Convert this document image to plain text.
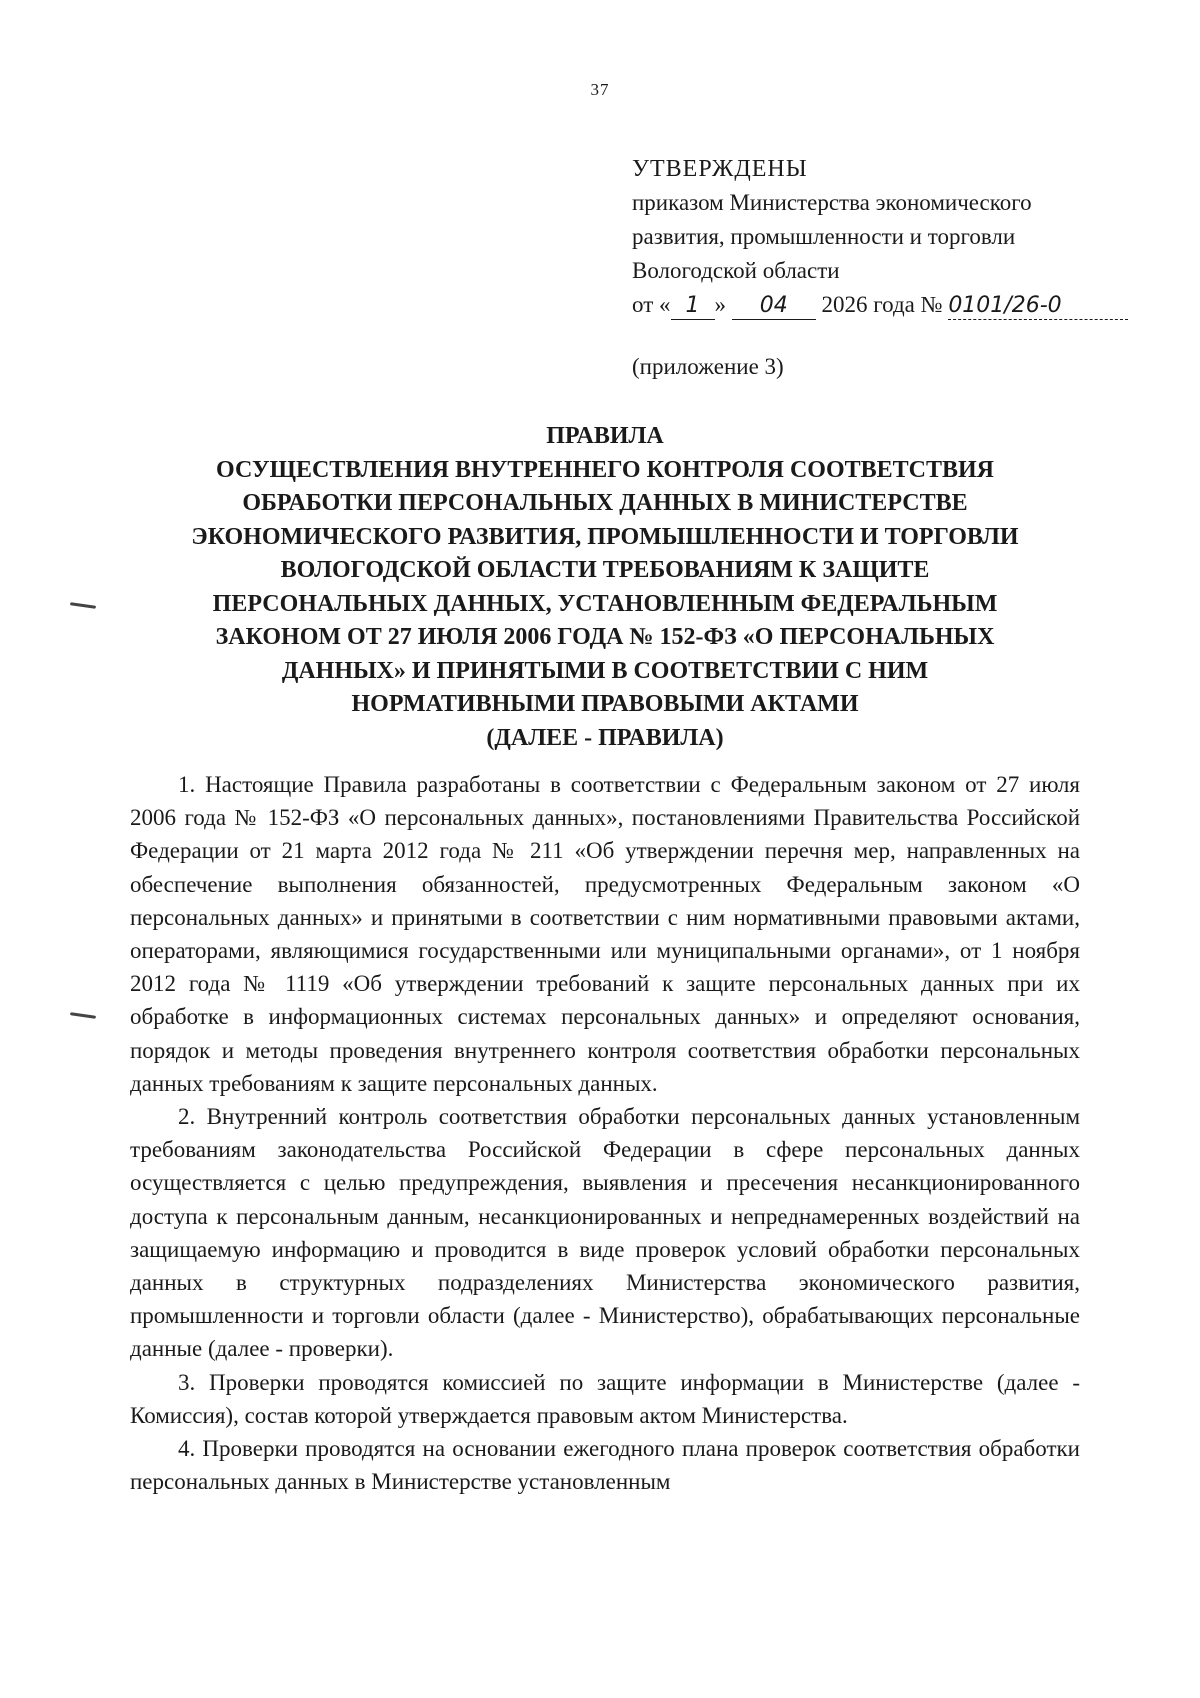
37
УТВЕРЖДЕНЫ
приказом Министерства экономического
развития, промышленности и торговли
Вологодской области
от « 1 » 04 2026 года № 0101/26-0
(приложение 3)
ПРАВИЛА
ОСУЩЕСТВЛЕНИЯ ВНУТРЕННЕГО КОНТРОЛЯ СООТВЕТСТВИЯ
ОБРАБОТКИ ПЕРСОНАЛЬНЫХ ДАННЫХ В МИНИСТЕРСТВЕ
ЭКОНОМИЧЕСКОГО РАЗВИТИЯ, ПРОМЫШЛЕННОСТИ И ТОРГОВЛИ
ВОЛОГОДСКОЙ ОБЛАСТИ ТРЕБОВАНИЯМ К ЗАЩИТЕ
ПЕРСОНАЛЬНЫХ ДАННЫХ, УСТАНОВЛЕННЫМ ФЕДЕРАЛЬНЫМ
ЗАКОНОМ ОТ 27 ИЮЛЯ 2006 ГОДА № 152-ФЗ «О ПЕРСОНАЛЬНЫХ
ДАННЫХ» И ПРИНЯТЫМИ В СООТВЕТСТВИИ С НИМ
НОРМАТИВНЫМИ ПРАВОВЫМИ АКТАМИ
(ДАЛЕЕ - ПРАВИЛА)

1. Настоящие Правила разработаны в соответствии с Федеральным законом от 27 июля 2006 года № 152-ФЗ «О персональных данных», постановлениями Правительства Российской Федерации от 21 марта 2012 года № 211 «Об утверждении перечня мер, направленных на обеспечение выполнения обязанностей, предусмотренных Федеральным законом «О персональных данных» и принятыми в соответствии с ним нормативными правовыми актами, операторами, являющимися государственными или муниципальными органами», от 1 ноября 2012 года № 1119 «Об утверждении требований к защите персональных данных при их обработке в информационных системах персональных данных» и определяют основания, порядок и методы проведения внутреннего контроля соответствия обработки персональных данных требованиям к защите персональных данных.

2. Внутренний контроль соответствия обработки персональных данных установленным требованиям законодательства Российской Федерации в сфере персональных данных осуществляется с целью предупреждения, выявления и пресечения несанкционированного доступа к персональным данным, несанкционированных и непреднамеренных воздействий на защищаемую информацию и проводится в виде проверок условий обработки персональных данных в структурных подразделениях Министерства экономического развития, промышленности и торговли области (далее - Министерство), обрабатывающих персональные данные (далее - проверки).

3. Проверки проводятся комиссией по защите информации в Министерстве (далее - Комиссия), состав которой утверждается правовым актом Министерства.

4. Проверки проводятся на основании ежегодного плана проверок соответствия обработки персональных данных в Министерстве установленным
